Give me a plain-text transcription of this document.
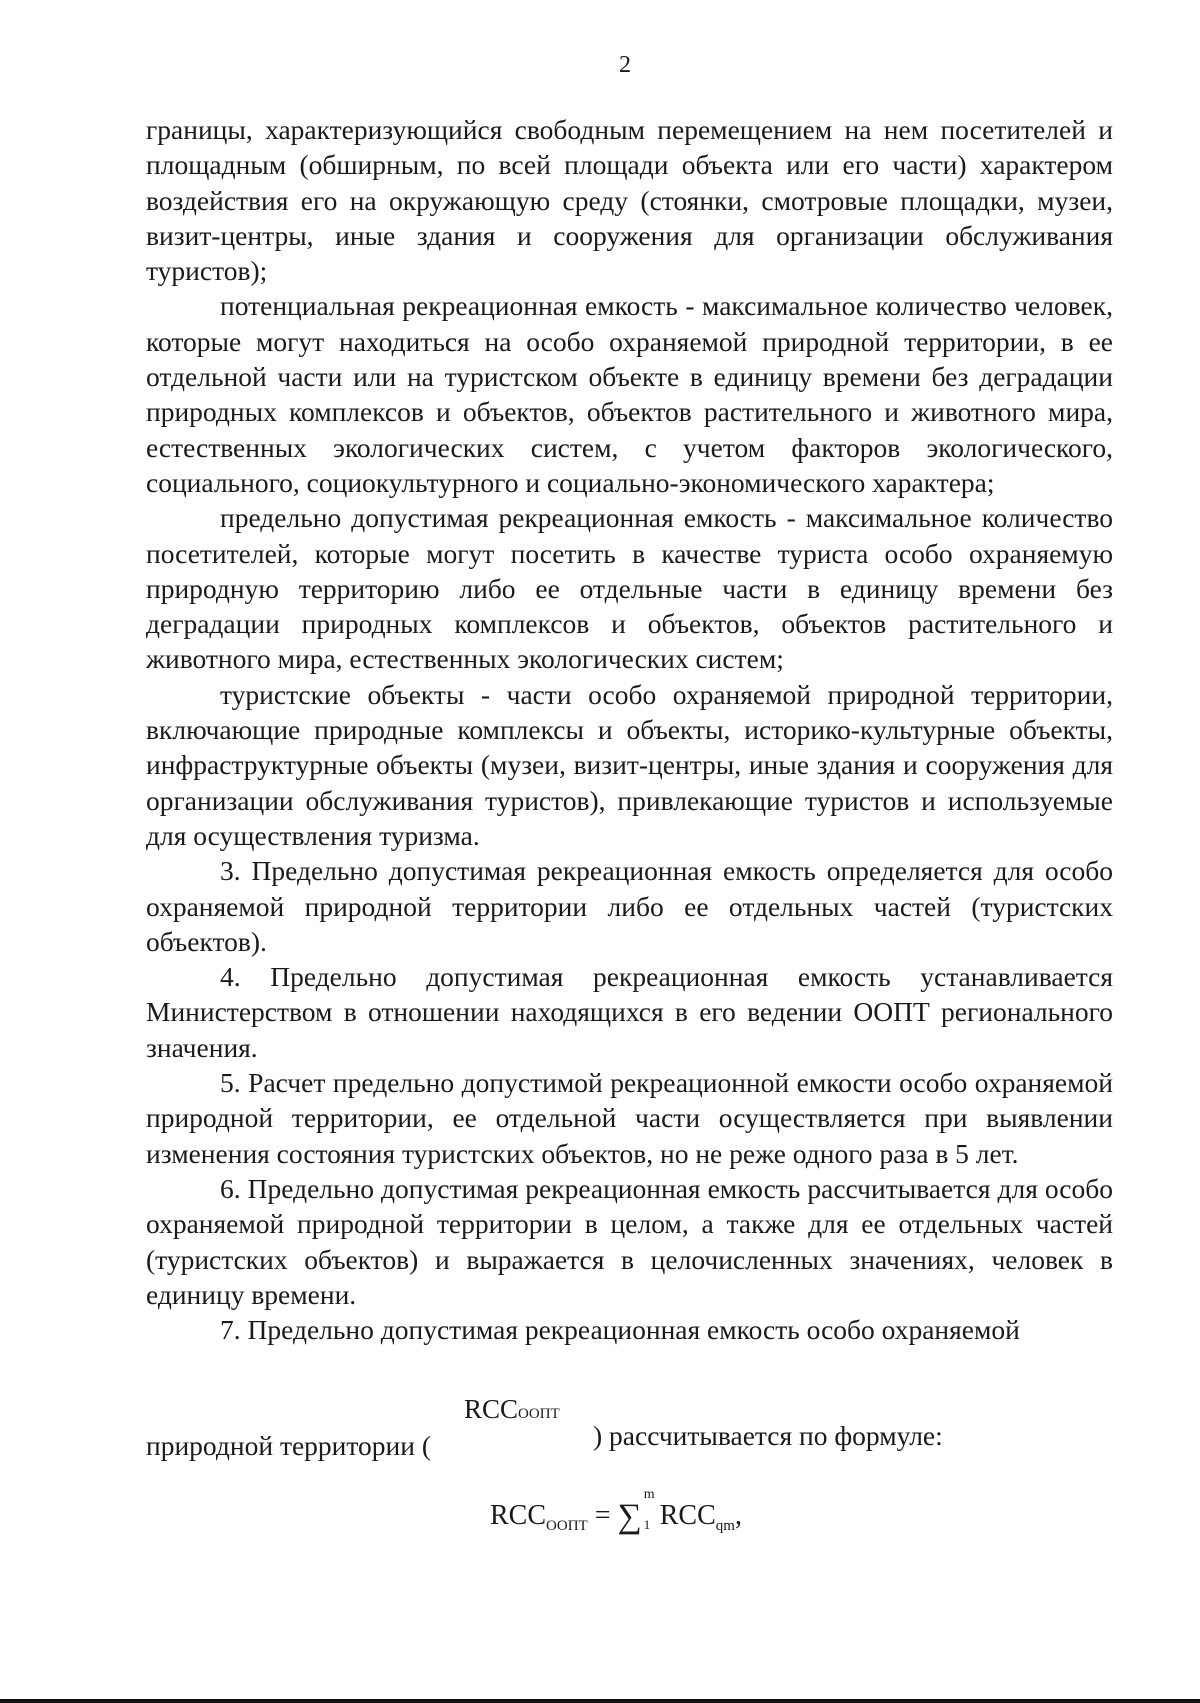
2

границы, характеризующийся свободным перемещением на нем посетителей и площадным (обширным, по всей площади объекта или его части) характером воздействия его на окружающую среду (стоянки, смотровые площадки, музеи, визит-центры, иные здания и сооружения для организации обслуживания туристов);

потенциальная рекреационная емкость - максимальное количество человек, которые могут находиться на особо охраняемой природной территории, в ее отдельной части или на туристском объекте в единицу времени без деградации природных комплексов и объектов, объектов растительного и животного мира, естественных экологических систем, с учетом факторов экологического, социального, социокультурного и социально-экономического характера;

предельно допустимая рекреационная емкость - максимальное количество посетителей, которые могут посетить в качестве туриста особо охраняемую природную территорию либо ее отдельные части в единицу времени без деградации природных комплексов и объектов, объектов растительного и животного мира, естественных экологических систем;

туристские объекты - части особо охраняемой природной территории, включающие природные комплексы и объекты, историко-культурные объекты, инфраструктурные объекты (музеи, визит-центры, иные здания и сооружения для организации обслуживания туристов), привлекающие туристов и используемые для осуществления туризма.

3. Предельно допустимая рекреационная емкость определяется для особо охраняемой природной территории либо ее отдельных частей (туристских объектов).

4. Предельно допустимая рекреационная емкость устанавливается Министерством в отношении находящихся в его ведении ООПТ регионального значения.

5. Расчет предельно допустимой рекреационной емкости особо охраняемой природной территории, ее отдельной части осуществляется при выявлении изменения состояния туристских объектов, но не реже одного раза в 5 лет.

6. Предельно допустимая рекреационная емкость рассчитывается для особо охраняемой природной территории в целом, а также для ее отдельных частей (туристских объектов) и выражается в целочисленных значениях, человек в единицу времени.

7. Предельно допустимая рекреационная емкость особо охраняемой

природной территории (
RCCООПТ
) рассчитывается по формуле:
$RCC_{ООПТ}$ = ∑
m
1 $RCC_{qm}$,
